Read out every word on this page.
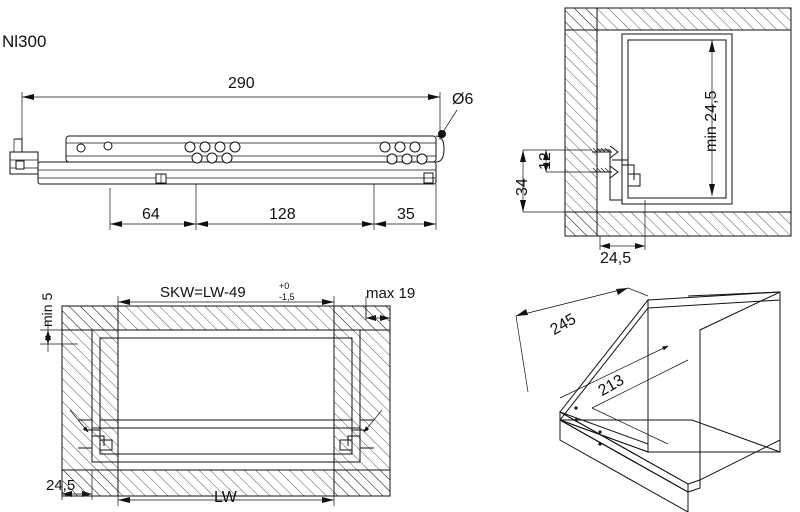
Nl300
290
Ø6
64	128	35
min 24,5
34
12
24,5
SKW=LW-49	+0
-1,5	max 19
min 5
24,5
LW
245
213
